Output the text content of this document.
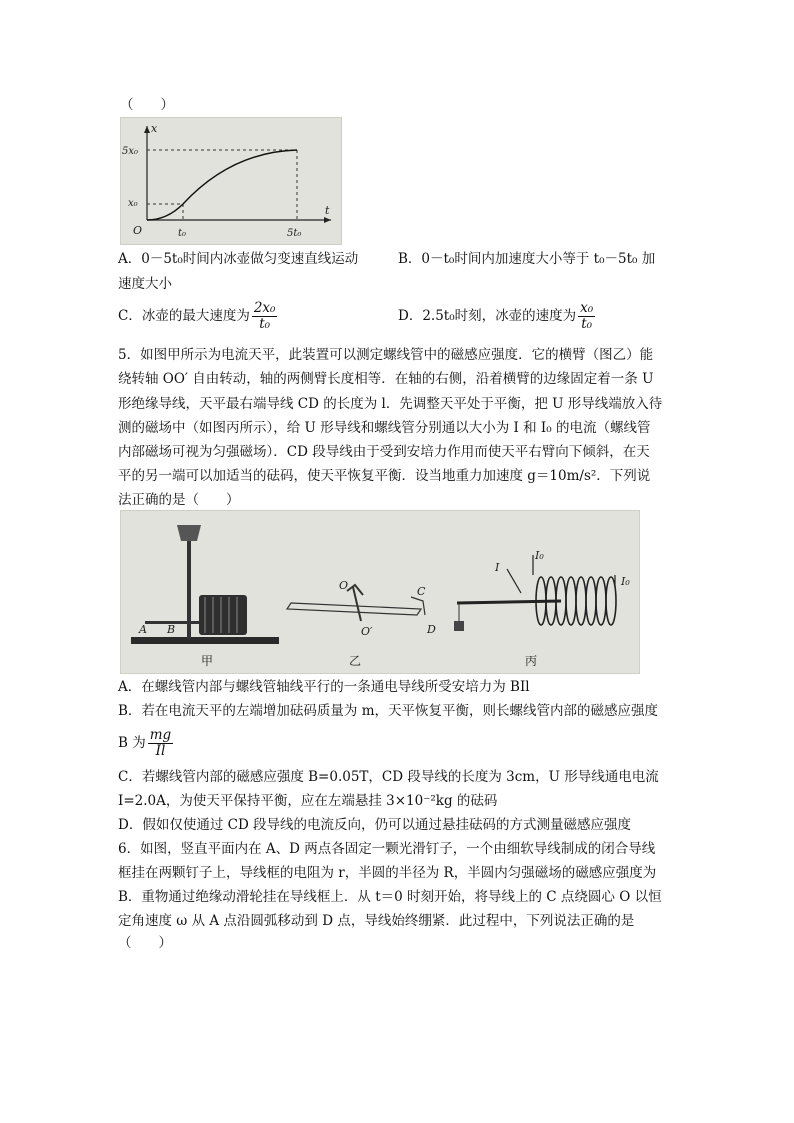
（　　）
x
t
O
5x₀
x₀
t₀	5t₀
A．0－5t₀时间内冰壶做匀变速直线运动	B．0－t₀时间内加速度大小等于 t₀－5t₀ 加
速度大小
C．冰壶的最大速度为 $\frac{\text{2x₀}}{\text{t₀}}$	D．2.5t₀时刻，冰壶的速度为 $\frac{\text{x₀}}{\text{t₀}}$
5．如图甲所示为电流天平，此装置可以测定螺线管中的磁感应强度．它的横臂（图乙）能
绕转轴 OO′ 自由转动，轴的两侧臂长度相等．在轴的右侧，沿着横臂的边缘固定着一条 U
形绝缘导线，天平最右端导线 CD 的长度为 l．先调整天平处于平衡，把 U 形导线端放入待
测的磁场中（如图丙所示），给 U 形导线和螺线管分别通以大小为 I 和 I₀ 的电流（螺线管
内部磁场可视为匀强磁场）．CD 段导线由于受到安培力作用而使天平右臂向下倾斜，在天
平的另一端可以加适当的砝码，使天平恢复平衡．设当地重力加速度 g＝10m/s²．下列说
法正确的是（　　）
A B
甲
O
O′
C
D
乙
I
I₀
I₀
丙
A．在螺线管内部与螺线管轴线平行的一条通电导线所受安培力为 BIl
B．若在电流天平的左端增加砝码质量为 m，天平恢复平衡，则长螺线管内部的磁感应强度
B 为 $\frac{mg}{Il}$
C．若螺线管内部的磁感应强度 B=0.05T，CD 段导线的长度为 3cm，U 形导线通电电流
I=2.0A，为使天平保持平衡，应在左端悬挂 3×10⁻²kg 的砝码
D．假如仅使通过 CD 段导线的电流反向，仍可以通过悬挂砝码的方式测量磁感应强度
6．如图，竖直平面内在 A、D 两点各固定一颗光滑钉子，一个由细软导线制成的闭合导线
框挂在两颗钉子上，导线框的电阻为 r，半圆的半径为 R，半圆内匀强磁场的磁感应强度为
B．重物通过绝缘动滑轮挂在导线框上．从 t＝0 时刻开始，将导线上的 C 点绕圆心 O 以恒
定角速度 ω 从 A 点沿圆弧移动到 D 点，导线始终绷紧．此过程中，下列说法正确的是
（　　）
